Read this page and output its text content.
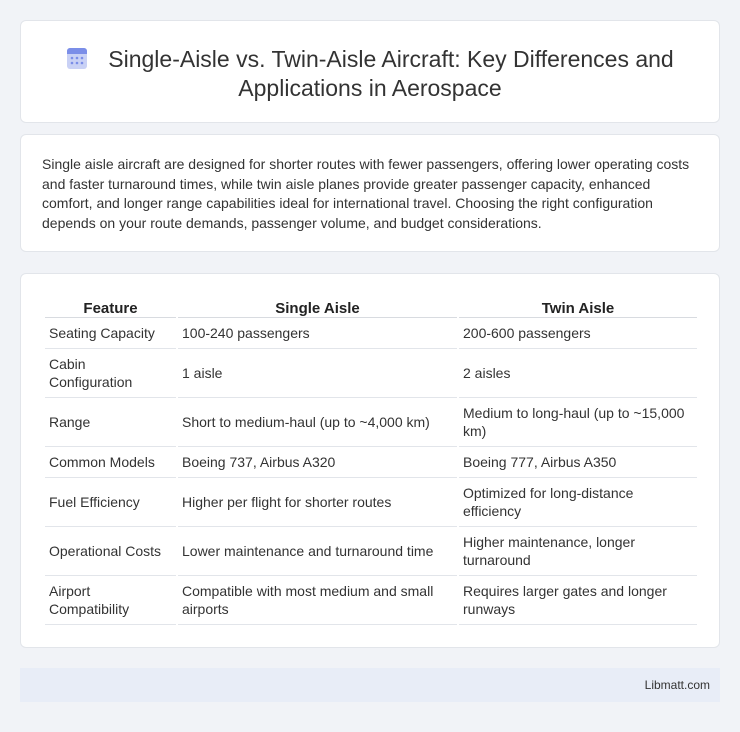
Single-Aisle vs. Twin-Aisle Aircraft: Key Differences and Applications in Aerospace

Single aisle aircraft are designed for shorter routes with fewer passengers, offering lower operating costs and faster turnaround times, while twin aisle planes provide greater passenger capacity, enhanced comfort, and longer range capabilities ideal for international travel. Choosing the right configuration depends on your route demands, passenger volume, and budget considerations.

Feature	Single Aisle	Twin Aisle
Seating Capacity	100-240 passengers	200-600 passengers
Cabin Configuration	1 aisle	2 aisles
Range	Short to medium-haul (up to ~4,000 km)	Medium to long-haul (up to ~15,000 km)
Common Models	Boeing 737, Airbus A320	Boeing 777, Airbus A350
Fuel Efficiency	Higher per flight for shorter routes	Optimized for long-distance efficiency
Operational Costs	Lower maintenance and turnaround time	Higher maintenance, longer turnaround
Airport Compatibility	Compatible with most medium and small airports	Requires larger gates and longer runways
Libmatt.com
